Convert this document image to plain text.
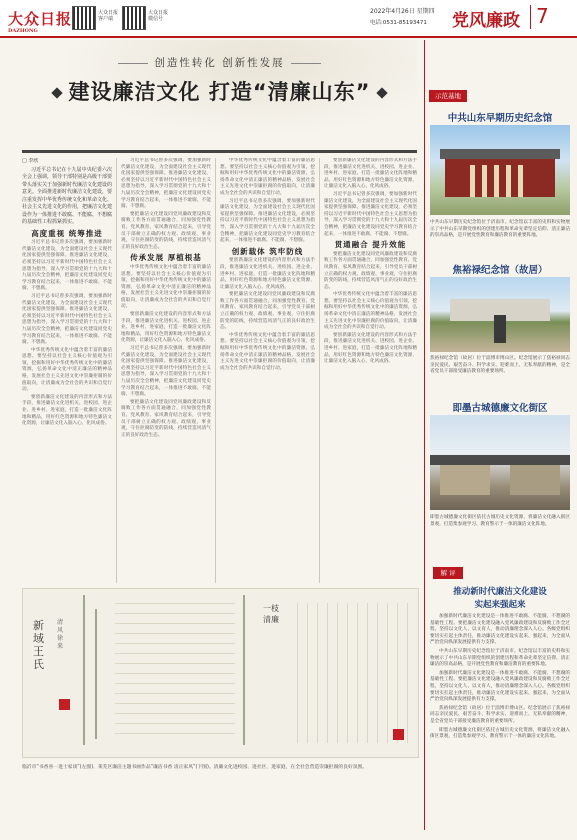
大众日报
DAZHONG
大众日报 客户端
大众日报 微信号
2022年4月26日 星期四
电话:0531-85193471 党风廉政 7
创造性转化 创新性发展
建设廉洁文化 打造“清廉山东”
□ 李欣

习近平总书记在十九届中央纪委六次全会上强调，领导干部特别是高级干部要带头落实关于加强新时代廉洁文化建设的意见。全面推进新时代廉洁文化建设，要注重发挥中华优秀传统文化和革命文化、社会主义先进文化的作用，把廉洁文化建设作为一体推进不敢腐、不能腐、不想腐的基础性工程抓紧抓实。

高度重视 统筹推进

习近平总书记曾多次强调，要加强新时代廉洁文化建设，为全面建设社会主义现代化国家提供坚强保障。推进廉洁文化建设，必须坚持以习近平新时代中国特色社会主义思想为指导，深入学习贯彻党的十九大和十九届历次全会精神，把廉洁文化建设同党史学习教育结合起来，一体推进不敢腐、不能腐、不想腐。

习近平总书记曾多次强调，要加强新时代廉洁文化建设，为全面建设社会主义现代化国家提供坚强保障。推进廉洁文化建设，必须坚持以习近平新时代中国特色社会主义思想为指导，深入学习贯彻党的十九大和十九届历次全会精神，把廉洁文化建设同党史学习教育结合起来，一体推进不敢腐、不能腐、不想腐。

中华优秀传统文化中蕴含着丰富的廉洁思想。要坚持以社会主义核心价值观为引领，挖掘和用好中华优秀传统文化中的廉洁资源，弘扬革命文化中清正廉洁的精神品格，发展社会主义先进文化中崇廉拒腐的价值取向，让清廉成为全社会的共识和自觉行动。

要创新廉洁文化建设的内容形式和方法手段，推进廉洁文化进机关、进校园、进企业、进乡村、进家庭，打造一批廉洁文化阵地和精品，用好红色资源和地方特色廉洁文化资源，让廉洁文化入脑入心、化风成俗。

习近平总书记曾多次强调，要加强新时代廉洁文化建设，为全面建设社会主义现代化国家提供坚强保障。推进廉洁文化建设，必须坚持以习近平新时代中国特色社会主义思想为指导，深入学习贯彻党的十九大和十九届历次全会精神，把廉洁文化建设同党史学习教育结合起来，一体推进不敢腐、不能腐、不想腐。

要把廉洁文化建设同党风廉政建设和反腐败工作各方面贯通融合，同加强党性教育、党风教育、家风教育结合起来，引导党员干部树立正确的权力观、政绩观、事业观，守住拒腐防变的防线，持续营造风清气正的良好政治生态。

传承发展 厚植根基

中华优秀传统文化中蕴含着丰富的廉洁思想。要坚持以社会主义核心价值观为引领，挖掘和用好中华优秀传统文化中的廉洁资源，弘扬革命文化中清正廉洁的精神品格，发展社会主义先进文化中崇廉拒腐的价值取向，让清廉成为全社会的共识和自觉行动。

要创新廉洁文化建设的内容形式和方法手段，推进廉洁文化进机关、进校园、进企业、进乡村、进家庭，打造一批廉洁文化阵地和精品，用好红色资源和地方特色廉洁文化资源，让廉洁文化入脑入心、化风成俗。

习近平总书记曾多次强调，要加强新时代廉洁文化建设，为全面建设社会主义现代化国家提供坚强保障。推进廉洁文化建设，必须坚持以习近平新时代中国特色社会主义思想为指导，深入学习贯彻党的十九大和十九届历次全会精神，把廉洁文化建设同党史学习教育结合起来，一体推进不敢腐、不能腐、不想腐。

要把廉洁文化建设同党风廉政建设和反腐败工作各方面贯通融合，同加强党性教育、党风教育、家风教育结合起来，引导党员干部树立正确的权力观、政绩观、事业观，守住拒腐防变的防线，持续营造风清气正的良好政治生态。

中华优秀传统文化中蕴含着丰富的廉洁思想。要坚持以社会主义核心价值观为引领，挖掘和用好中华优秀传统文化中的廉洁资源，弘扬革命文化中清正廉洁的精神品格，发展社会主义先进文化中崇廉拒腐的价值取向，让清廉成为全社会的共识和自觉行动。

习近平总书记曾多次强调，要加强新时代廉洁文化建设，为全面建设社会主义现代化国家提供坚强保障。推进廉洁文化建设，必须坚持以习近平新时代中国特色社会主义思想为指导，深入学习贯彻党的十九大和十九届历次全会精神，把廉洁文化建设同党史学习教育结合起来，一体推进不敢腐、不能腐、不想腐。

创新载体 筑牢防线

要创新廉洁文化建设的内容形式和方法手段，推进廉洁文化进机关、进校园、进企业、进乡村、进家庭，打造一批廉洁文化阵地和精品，用好红色资源和地方特色廉洁文化资源，让廉洁文化入脑入心、化风成俗。

要把廉洁文化建设同党风廉政建设和反腐败工作各方面贯通融合，同加强党性教育、党风教育、家风教育结合起来，引导党员干部树立正确的权力观、政绩观、事业观，守住拒腐防变的防线，持续营造风清气正的良好政治生态。

中华优秀传统文化中蕴含着丰富的廉洁思想。要坚持以社会主义核心价值观为引领，挖掘和用好中华优秀传统文化中的廉洁资源，弘扬革命文化中清正廉洁的精神品格，发展社会主义先进文化中崇廉拒腐的价值取向，让清廉成为全社会的共识和自觉行动。

要创新廉洁文化建设的内容形式和方法手段，推进廉洁文化进机关、进校园、进企业、进乡村、进家庭，打造一批廉洁文化阵地和精品，用好红色资源和地方特色廉洁文化资源，让廉洁文化入脑入心、化风成俗。

习近平总书记曾多次强调，要加强新时代廉洁文化建设，为全面建设社会主义现代化国家提供坚强保障。推进廉洁文化建设，必须坚持以习近平新时代中国特色社会主义思想为指导，深入学习贯彻党的十九大和十九届历次全会精神，把廉洁文化建设同党史学习教育结合起来，一体推进不敢腐、不能腐、不想腐。

贯通融合 提升效能

要把廉洁文化建设同党风廉政建设和反腐败工作各方面贯通融合，同加强党性教育、党风教育、家风教育结合起来，引导党员干部树立正确的权力观、政绩观、事业观，守住拒腐防变的防线，持续营造风清气正的良好政治生态。

中华优秀传统文化中蕴含着丰富的廉洁思想。要坚持以社会主义核心价值观为引领，挖掘和用好中华优秀传统文化中的廉洁资源，弘扬革命文化中清正廉洁的精神品格，发展社会主义先进文化中崇廉拒腐的价值取向，让清廉成为全社会的共识和自觉行动。

要创新廉洁文化建设的内容形式和方法手段，推进廉洁文化进机关、进校园、进企业、进乡村、进家庭，打造一批廉洁文化阵地和精品，用好红色资源和地方特色廉洁文化资源，让廉洁文化入脑入心、化风成俗。

新域王氏
清风徐来
一枝清廉
临沂市“书香喜一进士家谈”(左图)、莱芜区廉洁主题书画作品“廉洁书香 清正家风”(下图)。清廉文化进校园、进社区、进家庭，在全社会营造崇廉拒腐的良好氛围。
示范基地
中共山东早期历史纪念馆
中共山东早期历史纪念馆位于济南市。纪念馆以丰富的史料和实物展示了中共山东早期党组织的创建历程和革命先辈坚定信仰、清正廉洁的崇高品格，是开展党性教育和廉洁教育的重要阵地。
焦裕禄纪念馆（故居）
焦裕禄纪念馆（故居）位于淄博市博山区。纪念馆展示了焦裕禄同志亲民爱民、艰苦奋斗、科学求实、迎难而上、无私奉献的精神，是全省党员干部接受廉洁教育的重要场所。
即墨古城德廉文化街区
即墨古城德廉文化街区依托古城历史文化资源，将廉洁文化融入街区景观，打造集参观学习、教育警示于一体的廉洁文化阵地。
解 评
推动新时代廉洁文化建设
实起来强起来

加强新时代廉洁文化建设是一体推进不敢腐、不能腐、不想腐的基础性工程。要把廉洁文化建设融入党风廉政建设和反腐败工作全过程，坚持以文化人、以文育人，推动清廉理念深入人心。各级党组织要切实扛起主体责任，推动廉洁文化建设实起来、强起来，为全面从严治党向纵深发展提供有力支撑。

中共山东早期历史纪念馆位于济南市。纪念馆以丰富的史料和实物展示了中共山东早期党组织的创建历程和革命先辈坚定信仰、清正廉洁的崇高品格，是开展党性教育和廉洁教育的重要阵地。

加强新时代廉洁文化建设是一体推进不敢腐、不能腐、不想腐的基础性工程。要把廉洁文化建设融入党风廉政建设和反腐败工作全过程，坚持以文化人、以文育人，推动清廉理念深入人心。各级党组织要切实扛起主体责任，推动廉洁文化建设实起来、强起来，为全面从严治党向纵深发展提供有力支撑。

焦裕禄纪念馆（故居）位于淄博市博山区。纪念馆展示了焦裕禄同志亲民爱民、艰苦奋斗、科学求实、迎难而上、无私奉献的精神，是全省党员干部接受廉洁教育的重要场所。

即墨古城德廉文化街区依托古城历史文化资源，将廉洁文化融入街区景观，打造集参观学习、教育警示于一体的廉洁文化阵地。
